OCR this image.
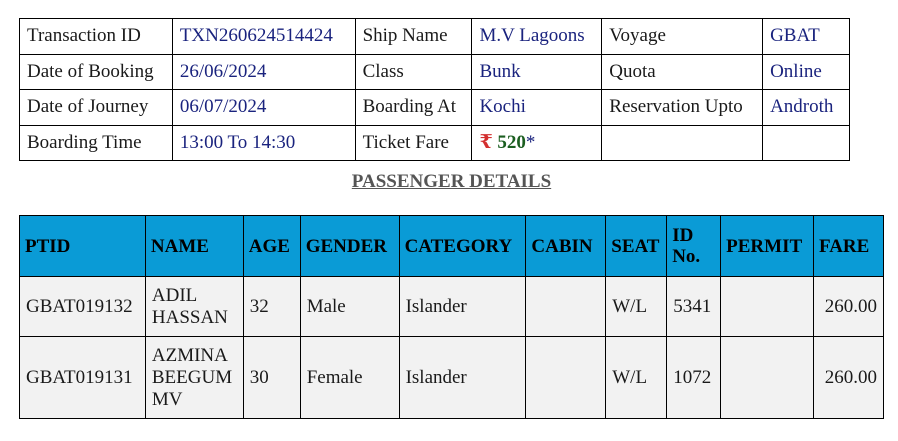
Transaction ID	TXN260624514424	Ship Name	M.V Lagoons	Voyage	GBAT
Date of Booking	26/06/2024	Class	Bunk	Quota	Online
Date of Journey	06/07/2024	Boarding At	Kochi	Reservation Upto	Androth
Boarding Time	13:00 To 14:30	Ticket Fare	₹ 520*		
PASSENGER DETAILS
PTID	NAME	AGE	GENDER	CATEGORY	CABIN	SEAT	ID No.	PERMIT	FARE
GBAT019132	ADIL HASSAN	32	Male	Islander		W/L	5341		260.00
GBAT019131	AZMINA BEEGUM MV	30	Female	Islander		W/L	1072		260.00
